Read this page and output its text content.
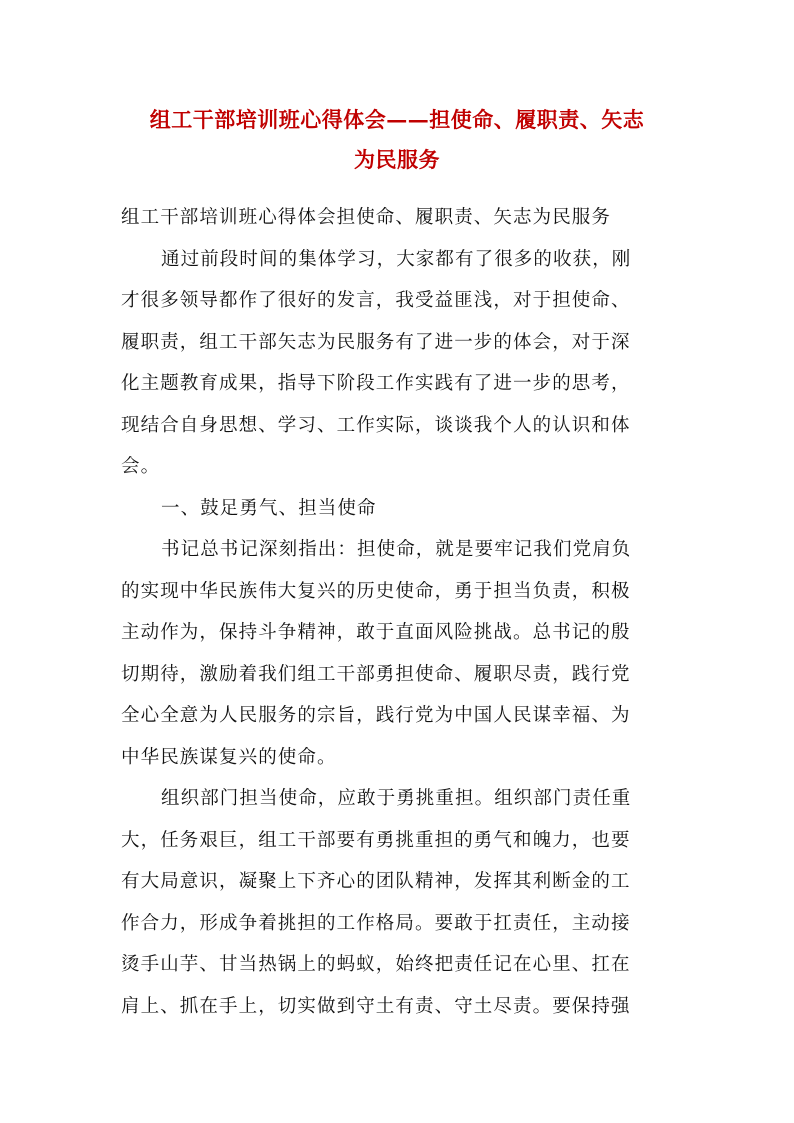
组工干部培训班心得体会——担使命、履职责、矢志
为民服务
组工干部培训班心得体会担使命、履职责、矢志为民服务
通过前段时间的集体学习，大家都有了很多的收获，刚
才很多领导都作了很好的发言，我受益匪浅，对于担使命、
履职责，组工干部矢志为民服务有了进一步的体会，对于深
化主题教育成果，指导下阶段工作实践有了进一步的思考，
现结合自身思想、学习、工作实际，谈谈我个人的认识和体
会。
一、鼓足勇气、担当使命
书记总书记深刻指出：担使命，就是要牢记我们党肩负
的实现中华民族伟大复兴的历史使命，勇于担当负责，积极
主动作为，保持斗争精神，敢于直面风险挑战。总书记的殷
切期待，激励着我们组工干部勇担使命、履职尽责，践行党
全心全意为人民服务的宗旨，践行党为中国人民谋幸福、为
中华民族谋复兴的使命。
组织部门担当使命，应敢于勇挑重担。组织部门责任重
大，任务艰巨，组工干部要有勇挑重担的勇气和魄力，也要
有大局意识，凝聚上下齐心的团队精神，发挥其利断金的工
作合力，形成争着挑担的工作格局。要敢于扛责任，主动接
烫手山芋、甘当热锅上的蚂蚁，始终把责任记在心里、扛在
肩上、抓在手上，切实做到守土有责、守土尽责。要保持强
